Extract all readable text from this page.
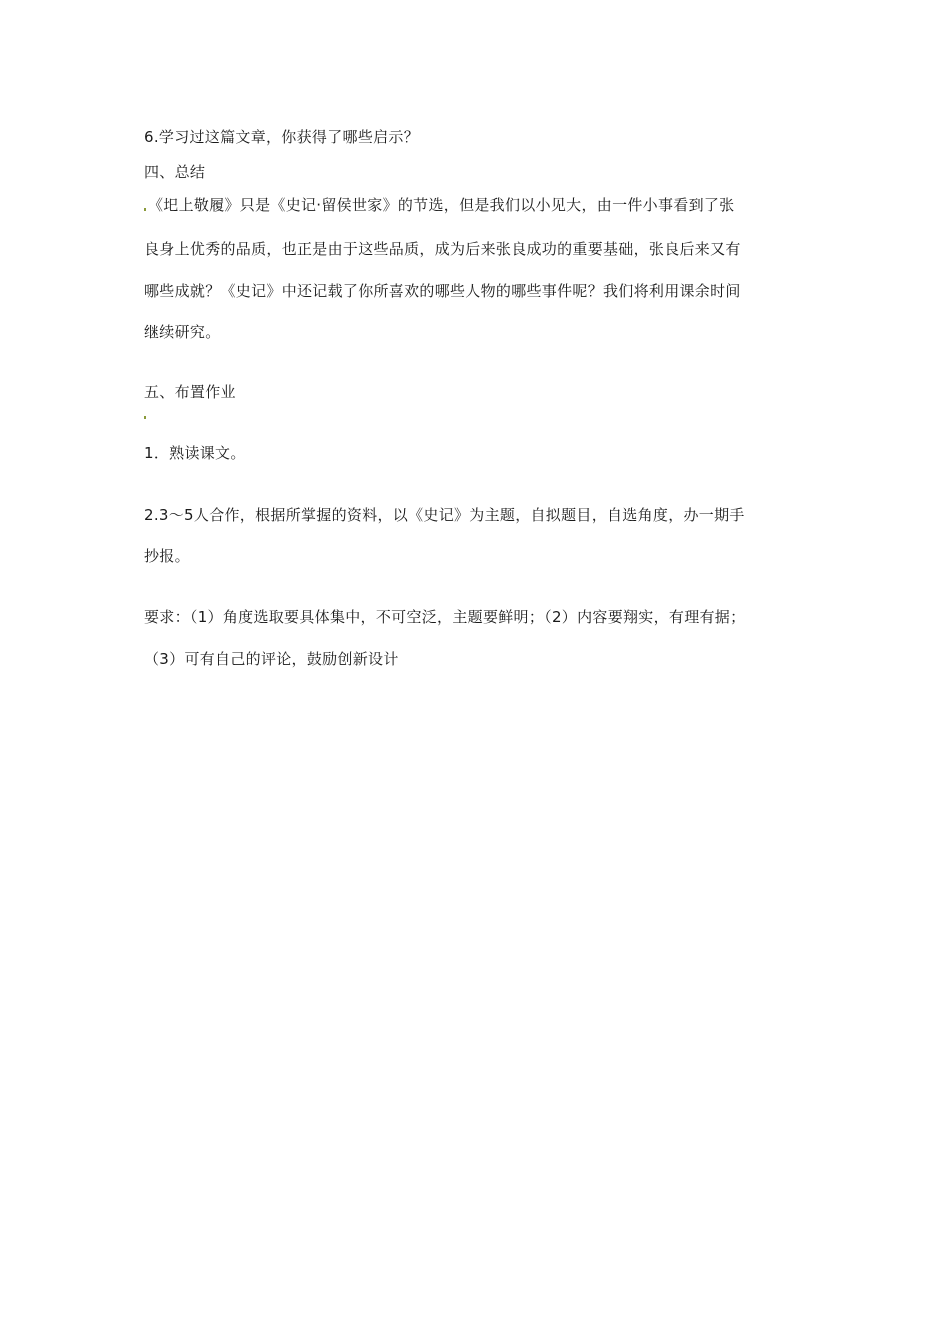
6.学习过这篇文章，你获得了哪些启示？
四、总结
《圯上敬履》只是《史记·留侯世家》的节选，但是我们以小见大，由一件小事看到了张
良身上优秀的品质，也正是由于这些品质，成为后来张良成功的重要基础，张良后来又有
哪些成就？《史记》中还记载了你所喜欢的哪些人物的哪些事件呢？我们将利用课余时间
继续研究。
五、布置作业
1．熟读课文。
2.3～5人合作，根据所掌握的资料，以《史记》为主题，自拟题目，自选角度，办一期手
抄报。
要求：（1）角度选取要具体集中，不可空泛，主题要鲜明；（2）内容要翔实，有理有据；
（3）可有自己的评论，鼓励创新设计
